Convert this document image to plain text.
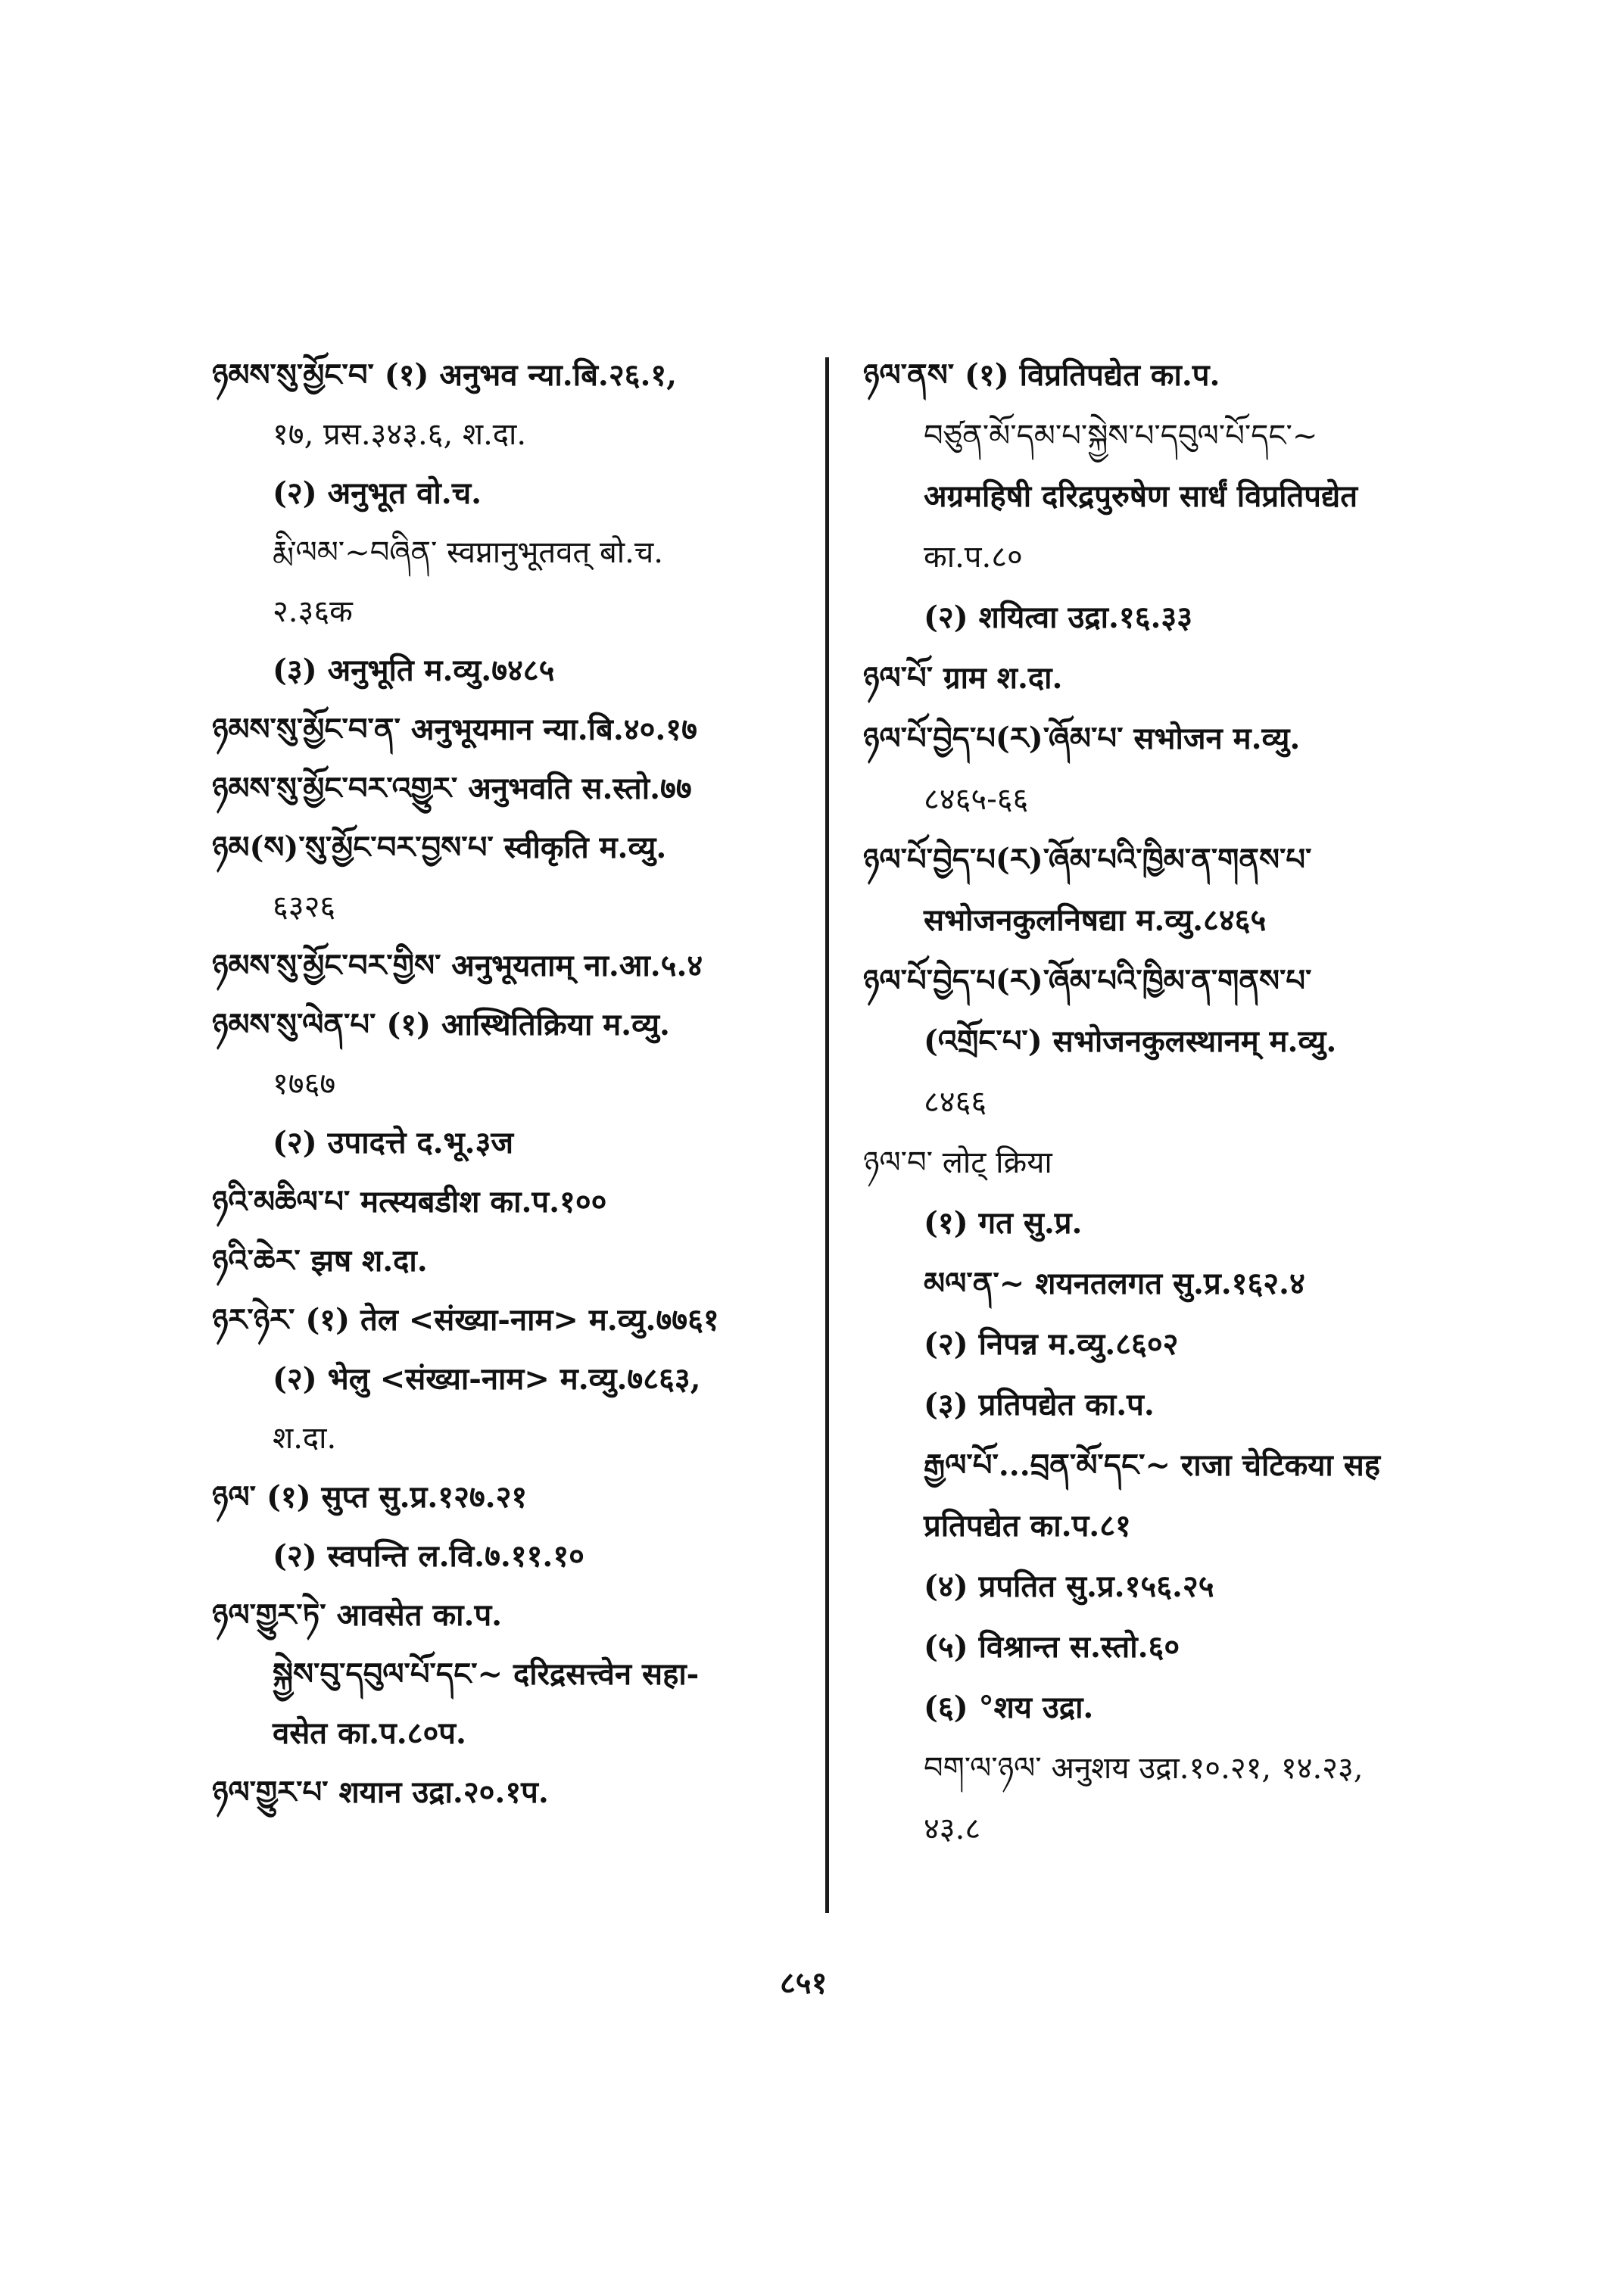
ཉམས་སུ་མྱོང་བ་ (१) अनुभव न्या.बि.२६.१,
१७, प्रस.३४३.६, श.दा.
(२) अनुभूत वो.च.
རྨི་ལམ་~བཞིན་ स्वप्नानुभूतवत् बो.च.
२.३६क
(३) अनुभूति म.व्यु.७४८५
ཉམས་སུ་མྱོང་བ་ན་ अनुभूयमान न्या.बि.४०.१७
ཉམས་སུ་མྱོང་བར་འགྱུར་ अनुभवति स.स्तो.७७
ཉམ(ས)་སུ་མྱོང་བར་བྱས་པ་ स्वीकृति म.व्यु.
६३२६
ཉམས་སུ་མྱོང་བར་གྱིས་ अनुभूयताम् ना.आ.५.४
ཉམས་སུ་ལེན་པ་ (१) आस्थितिक्रिया म.व्यु.
१७६७
(२) उपादत्ते द.भू.३ज
ཉའི་མཆིལ་པ་ मत्स्यबडीश का.प.१००
ཉའི་ཆེར་ झष श.दा.
ཉར་ཉེར་ (१) तेल <संख्या-नाम> म.व्यु.७७६१
(२) भेलु <संख्या-नाम> म.व्यु.७८६३,
श.दा.
ཉལ་ (१) सुप्त सु.प्र.१२७.२१
(२) स्वपन्ति ल.वि.७.११.१०
ཉལ་གྱུར་ཏེ་ आवसेत का.प.
སྐྱེས་བུ་དབུལ་པོ་དང་~ दरिद्रसत्त्वेन सहा-
वसेत का.प.८०प.
ཉལ་གྱུར་པ་ शयान उद्रा.२०.१प.
ཉལ་ནས་ (१) विप्रतिपद्येत का.प.
བཙུན་མོ་དམ་པ་སྐྱེས་པ་དབུལ་པོ་དང་~
अग्रमहिषी दरिद्रपुरुषेण सार्धं विप्रतिपद्येत
का.प.८०
(२) शयित्वा उद्रा.१६.३३
ཉལ་པོ་ ग्राम श.दा.
ཉལ་པོ་བྱེད་པ(ར)་ཞོམ་པ་ सभोजन म.व्यु.
८४६५-६६
ཉལ་པོ་བྱེད་པ(ར)་ཞོམ་པའི་ཁྱིམ་ན་གནས་པ་
सभोजनकुलनिषद्या म.व्यु.८४६५
ཉལ་པོ་བྱེད་པ(ར)་ཞོམ་པའི་ཁྱིམ་ན་གནས་པ་
(འགྲོང་པ་) सभोजनकुलस्थानम् म.व्यु.
८४६६
ཉལ་བ་ लोट् क्रिया
(१) गत सु.प्र.
མལ་ན་~ शयनतलगत सु.प्र.१६२.४
(२) निपन्न म.व्यु.८६०२
(३) प्रतिपद्येत का.प.
རྒྱལ་པོ་...བྲན་མོ་དང་~ राजा चेटिकया सह
प्रतिपद्येत का.प.८१
(४) प्रपतित सु.प्र.१५६.२५
(५) विश्रान्त स.स्तो.६०
(६) °शय उद्रा.
བག་ལ་ཉལ་ अनुशय उद्रा.१०.२१, १४.२३,
४३.८
८५१
